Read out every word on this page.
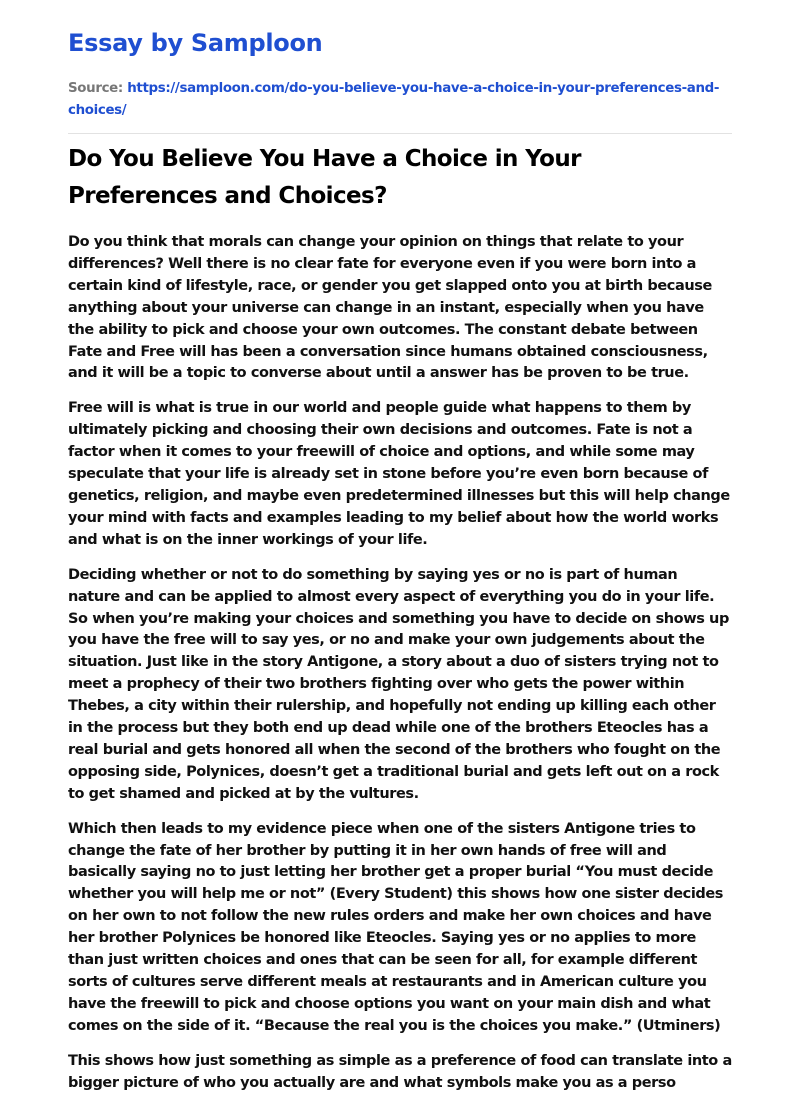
Essay by Samploon
Source: https://samploon.com/do-you-believe-you-have-a-choice-in-your-preferences-and-choices/
Do You Believe You Have a Choice in Your Preferences and Choices?

Do you think that morals can change your opinion on things that relate to your differences? Well there is no clear fate for everyone even if you were born into a certain kind of lifestyle, race, or gender you get slapped onto you at birth because anything about your universe can change in an instant, especially when you have the ability to pick and choose your own outcomes. The constant debate between Fate and Free will has been a conversation since humans obtained consciousness, and it will be a topic to converse about until a answer has be proven to be true.

Free will is what is true in our world and people guide what happens to them by ultimately picking and choosing their own decisions and outcomes. Fate is not a factor when it comes to your freewill of choice and options, and while some may speculate that your life is already set in stone before you’re even born because of genetics, religion, and maybe even predetermined illnesses but this will help change your mind with facts and examples leading to my belief about how the world works and what is on the inner workings of your life.

Deciding whether or not to do something by saying yes or no is part of human nature and can be applied to almost every aspect of everything you do in your life. So when you’re making your choices and something you have to decide on shows up you have the free will to say yes, or no and make your own judgements about the situation. Just like in the story Antigone, a story about a duo of sisters trying not to meet a prophecy of their two brothers fighting over who gets the power within Thebes, a city within their rulership, and hopefully not ending up killing each other in the process but they both end up dead while one of the brothers Eteocles has a real burial and gets honored all when the second of the brothers who fought on the opposing side, Polynices, doesn’t get a traditional burial and gets left out on a rock to get shamed and picked at by the vultures.

Which then leads to my evidence piece when one of the sisters Antigone tries to change the fate of her brother by putting it in her own hands of free will and basically saying no to just letting her brother get a proper burial “You must decide whether you will help me or not” (Every Student) this shows how one sister decides on her own to not follow the new rules orders and make her own choices and have her brother Polynices be honored like Eteocles. Saying yes or no applies to more than just written choices and ones that can be seen for all, for example different sorts of cultures serve different meals at restaurants and in American culture you have the freewill to pick and choose options you want on your main dish and what comes on the side of it. “Because the real you is the choices you make.” (Utminers)

This shows how just something as simple as a preference of food can translate into a bigger picture of who you actually are and what symbols make you as a perso
